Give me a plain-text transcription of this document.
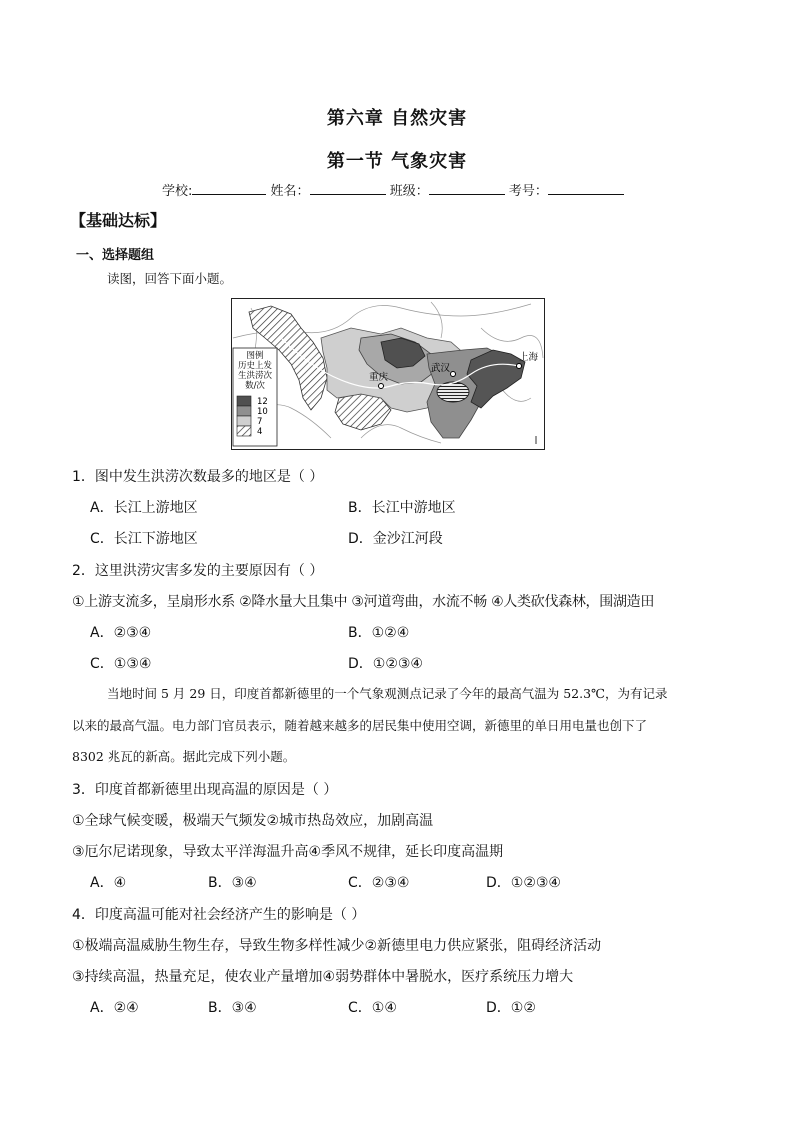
第六章 自然灾害
第一节 气象灾害
学校:	姓名：	班级：	考号：
【基础达标】
一、选择题组
读图，回答下面小题。
武汉
重庆
上海
图例
历史上发
生洪涝次
数/次
12
10
7
4
1．图中发生洪涝次数最多的地区是（ ）
A．长江上游地区	B．长江中游地区
C．长江下游地区	D．金沙江河段
2．这里洪涝灾害多发的主要原因有（ ）
①上游支流多，呈扇形水系 ②降水量大且集中 ③河道弯曲，水流不畅 ④人类砍伐森林，围湖造田
A．②③④	B．①②④
C．①③④	D．①②③④
当地时间 5 月 29 日，印度首都新德里的一个气象观测点记录了今年的最高气温为 52.3℃，为有记录
以来的最高气温。电力部门官员表示，随着越来越多的居民集中使用空调，新德里的单日用电量也创下了
8302 兆瓦的新高。据此完成下列小题。
3．印度首都新德里出现高温的原因是（ ）
①全球气候变暖，极端天气频发②城市热岛效应，加剧高温
③厄尔尼诺现象，导致太平洋海温升高④季风不规律，延长印度高温期
A．④	B．③④	C．②③④	D．①②③④
4．印度高温可能对社会经济产生的影响是（ ）
①极端高温威胁生物生存，导致生物多样性减少②新德里电力供应紧张，阻碍经济活动
③持续高温，热量充足，使农业产量增加④弱势群体中暑脱水，医疗系统压力增大
A．②④	B．③④	C．①④	D．①②
